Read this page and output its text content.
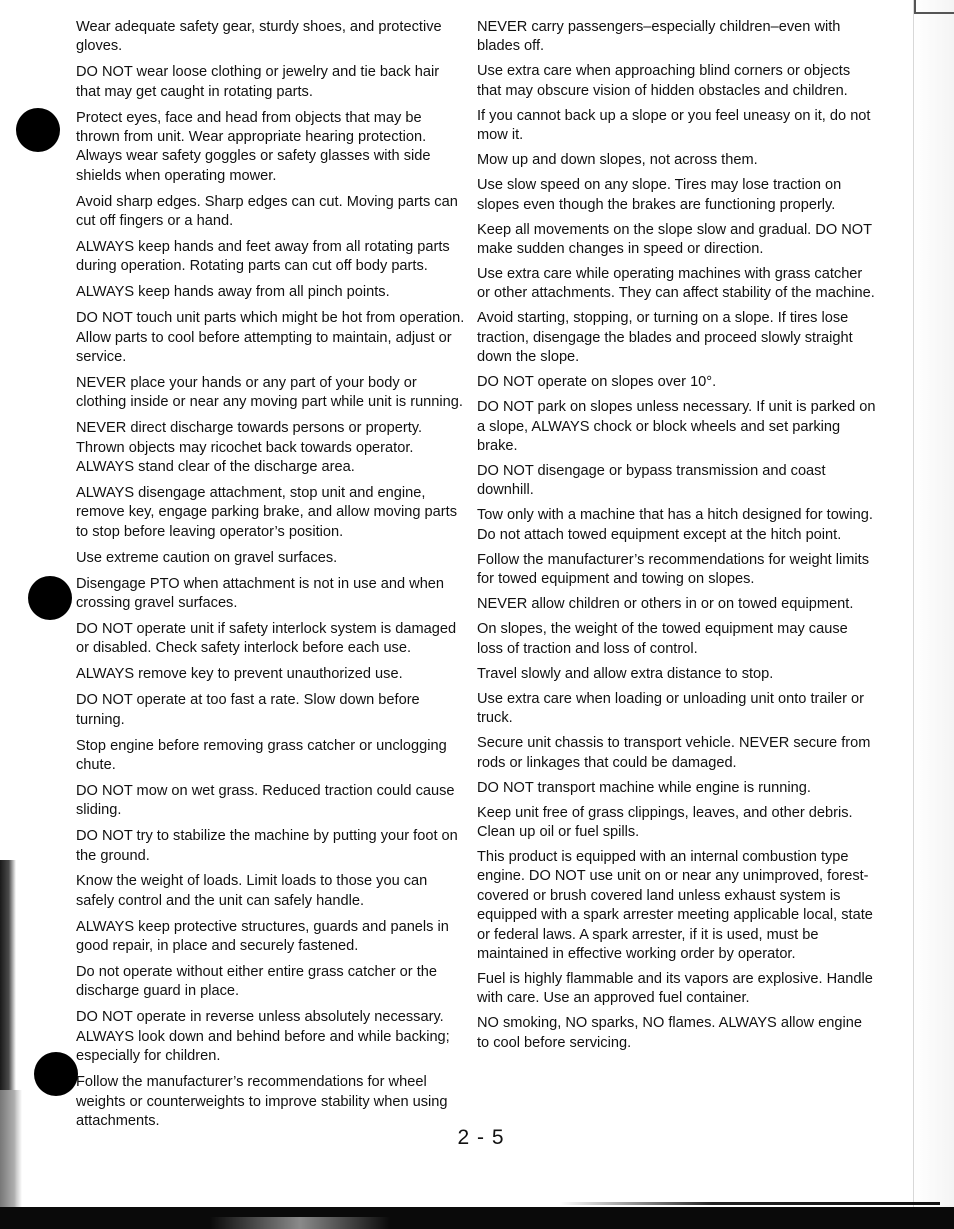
Wear adequate safety gear, sturdy shoes, and protective gloves.

DO NOT wear loose clothing or jewelry and tie back hair that may get caught in rotating parts.

Protect eyes, face and head from objects that may be thrown from unit. Wear appropriate hearing protection. Always wear safety goggles or safety glasses with side shields when operating mower.

Avoid sharp edges. Sharp edges can cut. Moving parts can cut off fingers or a hand.

ALWAYS keep hands and feet away from all rotating parts during operation. Rotating parts can cut off body parts.

ALWAYS keep hands away from all pinch points.

DO NOT touch unit parts which might be hot from operation. Allow parts to cool before attempting to maintain, adjust or service.

NEVER place your hands or any part of your body or clothing inside or near any moving part while unit is running.

NEVER direct discharge towards persons or property. Thrown objects may ricochet back towards operator. ALWAYS stand clear of the discharge area.

ALWAYS disengage attachment, stop unit and engine, remove key, engage parking brake, and allow moving parts to stop before leaving operator’s position.

Use extreme caution on gravel surfaces.

Disengage PTO when attachment is not in use and when crossing gravel surfaces.

DO NOT operate unit if safety interlock system is damaged or disabled. Check safety interlock before each use.

ALWAYS remove key to prevent unauthorized use.

DO NOT operate at too fast a rate. Slow down before turning.

Stop engine before removing grass catcher or unclogging chute.

DO NOT mow on wet grass. Reduced traction could cause sliding.

DO NOT try to stabilize the machine by putting your foot on the ground.

Know the weight of loads. Limit loads to those you can safely control and the unit can safely handle.

ALWAYS keep protective structures, guards and panels in good repair, in place and securely fastened.

Do not operate without either entire grass catcher or the discharge guard in place.

DO NOT operate in reverse unless absolutely necessary. ALWAYS look down and behind before and while backing; especially for children.

Follow the manufacturer’s recommendations for wheel weights or counterweights to improve stability when using attachments.

NEVER carry passengers–especially children–even with blades off.

Use extra care when approaching blind corners or objects that may obscure vision of hidden obstacles and children.

If you cannot back up a slope or you feel uneasy on it, do not mow it.

Mow up and down slopes, not across them.

Use slow speed on any slope. Tires may lose traction on slopes even though the brakes are functioning properly.

Keep all movements on the slope slow and gradual. DO NOT make sudden changes in speed or direction.

Use extra care while operating machines with grass catcher or other attachments. They can affect stability of the machine.

Avoid starting, stopping, or turning on a slope. If tires lose traction, disengage the blades and proceed slowly straight down the slope.

DO NOT operate on slopes over 10°.

DO NOT park on slopes unless necessary. If unit is parked on a slope, ALWAYS chock or block wheels and set parking brake.

DO NOT disengage or bypass transmission and coast downhill.

Tow only with a machine that has a hitch designed for towing. Do not attach towed equipment except at the hitch point.

Follow the manufacturer’s recommendations for weight limits for towed equipment and towing on slopes.

NEVER allow children or others in or on towed equipment.

On slopes, the weight of the towed equipment may cause loss of traction and loss of control.

Travel slowly and allow extra distance to stop.

Use extra care when loading or unloading unit onto trailer or truck.

Secure unit chassis to transport vehicle. NEVER secure from rods or linkages that could be damaged.

DO NOT transport machine while engine is running.

Keep unit free of grass clippings, leaves, and other debris. Clean up oil or fuel spills.

This product is equipped with an internal combustion type engine. DO NOT use unit on or near any unimproved, forest-covered or brush covered land unless exhaust system is equipped with a spark arrester meeting applicable local, state or federal laws. A spark arrester, if it is used, must be maintained in effective working order by operator.

Fuel is highly flammable and its vapors are explosive. Handle with care. Use an approved fuel container.

NO smoking, NO sparks, NO flames. ALWAYS allow engine to cool before servicing.

2 - 5
